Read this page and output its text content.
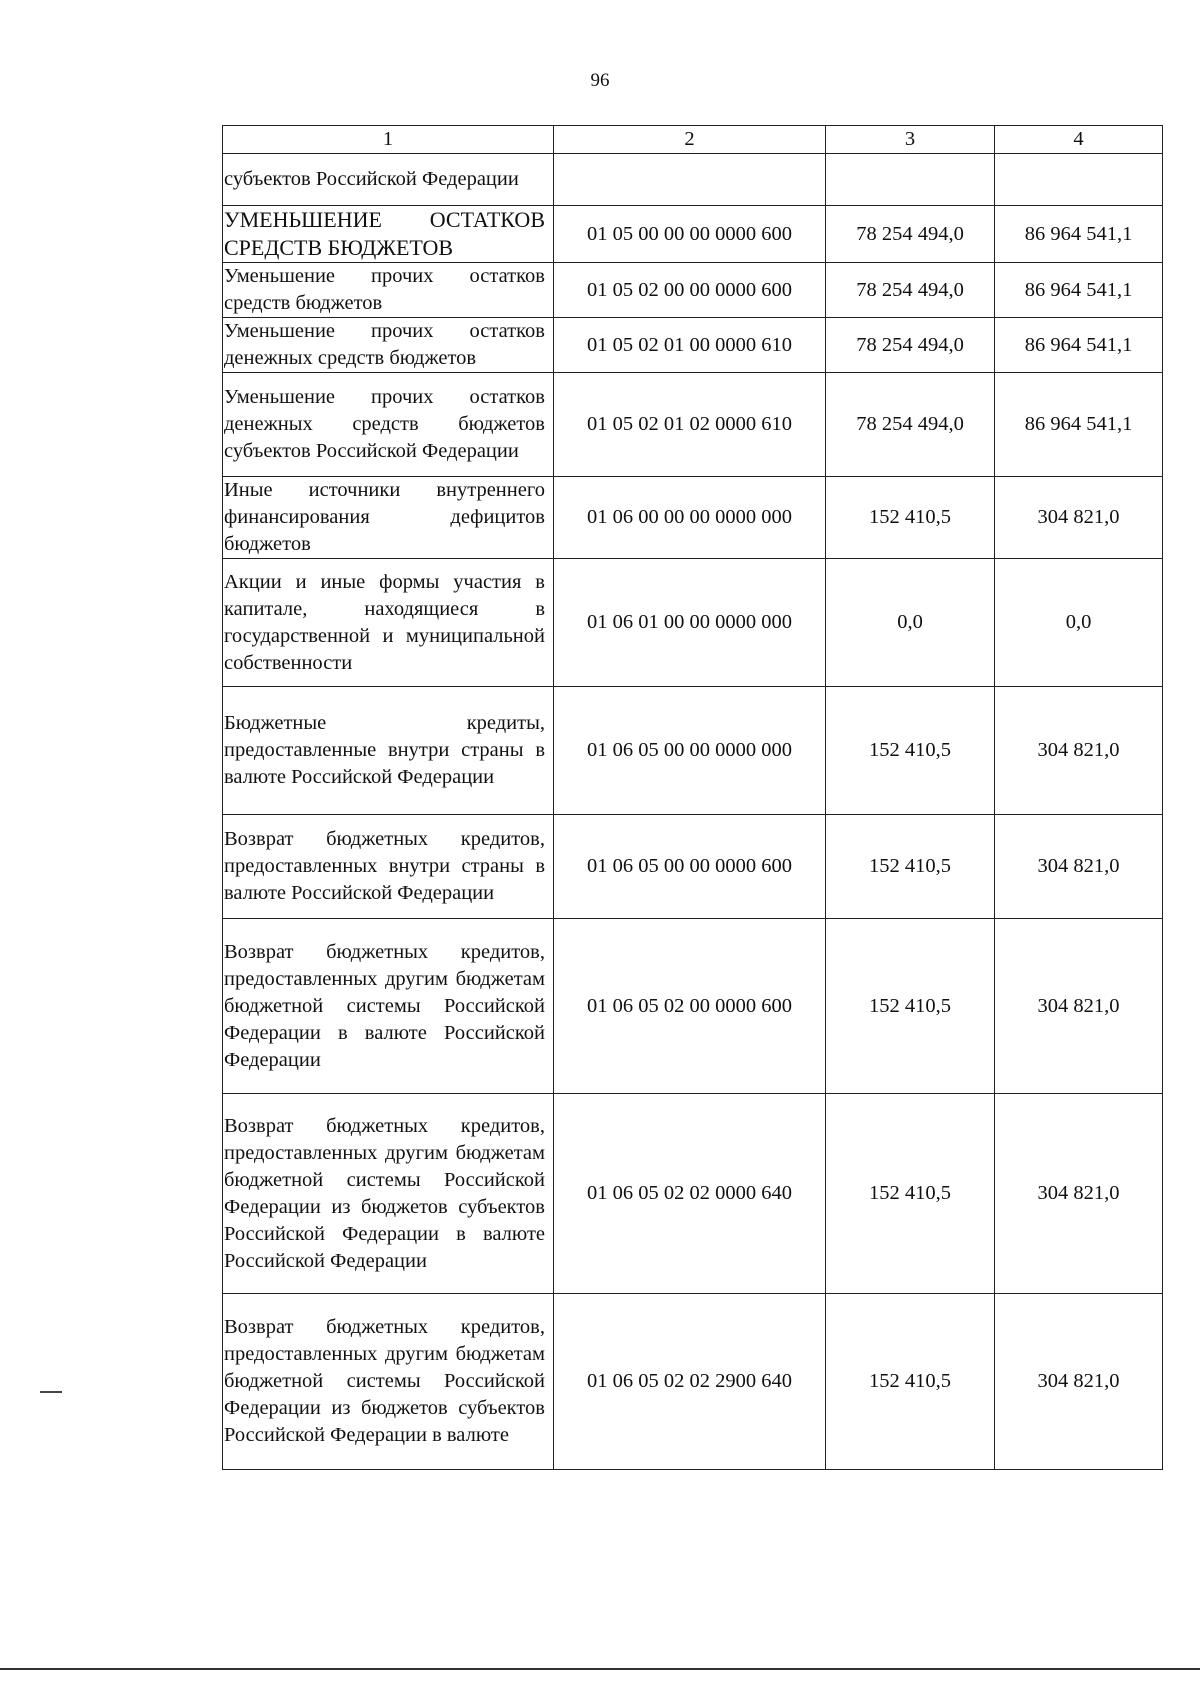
96
1	2	3	4
субъектов Российской Федерации			
УМЕНЬШЕНИЕ ОСТАТКОВ СРЕДСТВ БЮДЖЕТОВ	01 05 00 00 00 0000 600	78 254 494,0	86 964 541,1
Уменьшение прочих остатков средств бюджетов	01 05 02 00 00 0000 600	78 254 494,0	86 964 541,1
Уменьшение прочих остатков денежных средств бюджетов	01 05 02 01 00 0000 610	78 254 494,0	86 964 541,1
Уменьшение прочих остатков денежных средств бюджетов субъектов Российской Федерации	01 05 02 01 02 0000 610	78 254 494,0	86 964 541,1
Иные источники внутреннего финансирования дефицитов бюджетов	01 06 00 00 00 0000 000	152 410,5	304 821,0
Акции и иные формы участия в капитале, находящиеся в государственной и муниципальной собственности	01 06 01 00 00 0000 000	0,0	0,0
Бюджетные кредиты, предоставленные внутри страны в валюте Российской Федерации	01 06 05 00 00 0000 000	152 410,5	304 821,0
Возврат бюджетных кредитов, предоставленных внутри страны в валюте Российской Федерации	01 06 05 00 00 0000 600	152 410,5	304 821,0
Возврат бюджетных кредитов, предоставленных другим бюджетам бюджетной системы Российской Федерации в валюте Российской Федерации	01 06 05 02 00 0000 600	152 410,5	304 821,0
Возврат бюджетных кредитов, предоставленных другим бюджетам бюджетной системы Российской Федерации из бюджетов субъектов Российской Федерации в валюте Российской Федерации	01 06 05 02 02 0000 640	152 410,5	304 821,0
Возврат бюджетных кредитов, предоставленных другим бюджетам бюджетной системы Российской Федерации из бюджетов субъектов Российской Федерации в валюте	01 06 05 02 02 2900 640	152 410,5	304 821,0
